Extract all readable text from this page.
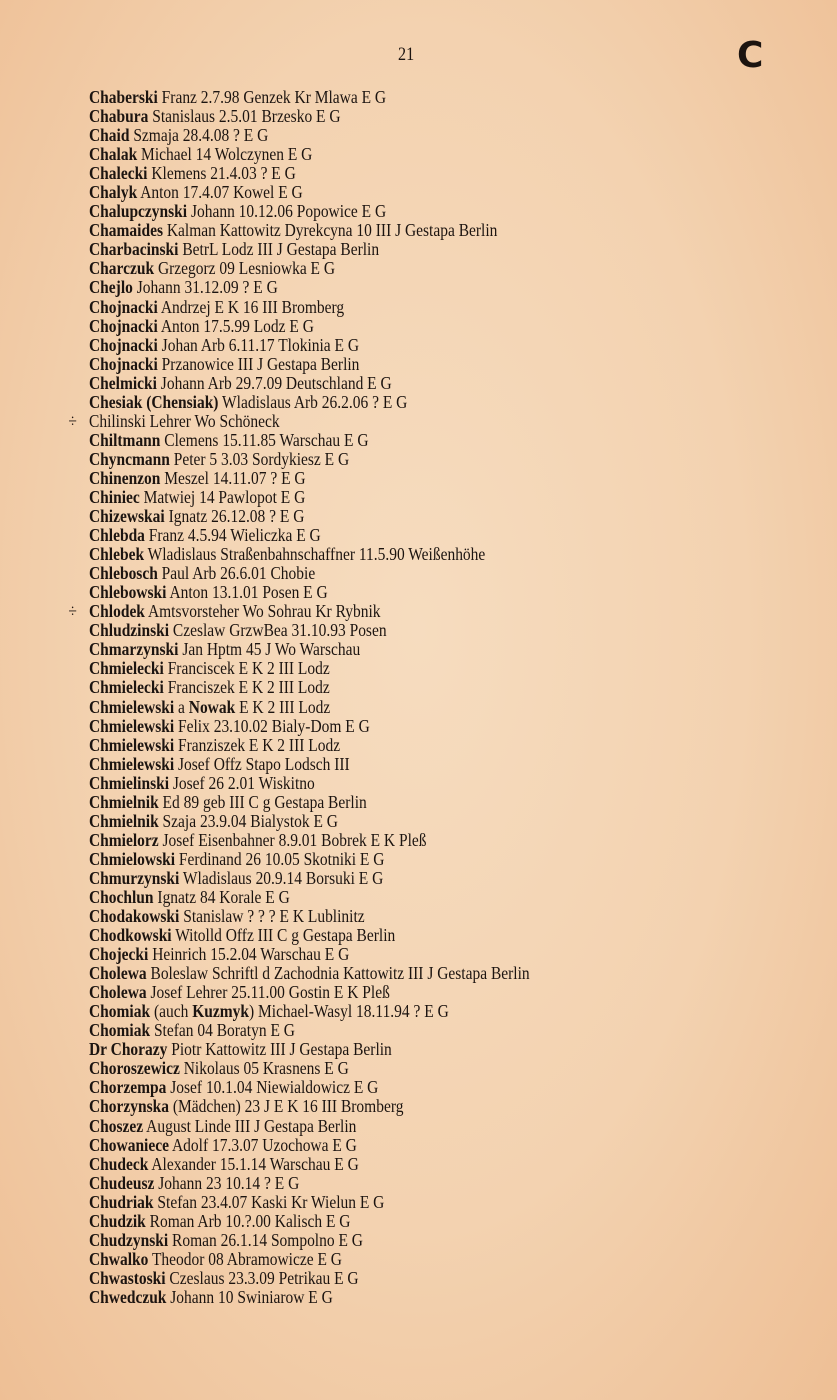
21	C
Chaberski Franz 2.7.98 Genzek Kr Mlawa E G
Chabura Stanislaus 2.5.01 Brzesko E G
Chaid Szmaja 28.4.08 ? E G
Chalak Michael 14 Wolczynen E G
Chalecki Klemens 21.4.03 ? E G
Chalyk Anton 17.4.07 Kowel E G
Chalupczynski Johann 10.12.06 Popowice E G
Chamaides Kalman Kattowitz Dyrekcyna 10 III J Gestapa Berlin
Charbacinski BetrL Lodz III J Gestapa Berlin
Charczuk Grzegorz 09 Lesniowka E G
Chejlo Johann 31.12.09 ? E G
Chojnacki Andrzej E K 16 III Bromberg
Chojnacki Anton 17.5.99 Lodz E G
Chojnacki Johan Arb 6.11.17 Tlokinia E G
Chojnacki Przanowice III J Gestapa Berlin
Chelmicki Johann Arb 29.7.09 Deutschland E G
Chesiak (Chensiak) Wladislaus Arb 26.2.06 ? E G
÷ Chilinski Lehrer Wo Schöneck
Chiltmann Clemens 15.11.85 Warschau E G
Chyncmann Peter 5 3.03 Sordykiesz E G
Chinenzon Meszel 14.11.07 ? E G
Chiniec Matwiej 14 Pawlopot E G
Chizewskai Ignatz 26.12.08 ? E G
Chlebda Franz 4.5.94 Wieliczka E G
Chlebek Wladislaus Straßenbahnschaffner 11.5.90 Weißenhöhe
Chlebosch Paul Arb 26.6.01 Chobie
Chlebowski Anton 13.1.01 Posen E G
÷ Chlodek Amtsvorsteher Wo Sohrau Kr Rybnik
Chludzinski Czeslaw GrzwBea 31.10.93 Posen
Chmarzynski Jan Hptm 45 J Wo Warschau
Chmielecki Franciscek E K 2 III Lodz
Chmielecki Franciszek E K 2 III Lodz
Chmielewski a Nowak E K 2 III Lodz
Chmielewski Felix 23.10.02 Bialy-Dom E G
Chmielewski Franziszek E K 2 III Lodz
Chmielewski Josef Offz Stapo Lodsch III
Chmielinski Josef 26 2.01 Wiskitno
Chmielnik Ed 89 geb III C g Gestapa Berlin
Chmielnik Szaja 23.9.04 Bialystok E G
Chmielorz Josef Eisenbahner 8.9.01 Bobrek E K Pleß
Chmielowski Ferdinand 26 10.05 Skotniki E G
Chmurzynski Wladislaus 20.9.14 Borsuki E G
Chochlun Ignatz 84 Korale E G
Chodakowski Stanislaw ? ? ? E K Lublinitz
Chodkowski Witolld Offz III C g Gestapa Berlin
Chojecki Heinrich 15.2.04 Warschau E G
Cholewa Boleslaw Schriftl d Zachodnia Kattowitz III J Gestapa Berlin
Cholewa Josef Lehrer 25.11.00 Gostin E K Pleß
Chomiak (auch Kuzmyk) Michael-Wasyl 18.11.94 ? E G
Chomiak Stefan 04 Boratyn E G
Dr Chorazy Piotr Kattowitz III J Gestapa Berlin
Choroszewicz Nikolaus 05 Krasnens E G
Chorzempa Josef 10.1.04 Niewialdowicz E G
Chorzynska (Mädchen) 23 J E K 16 III Bromberg
Choszez August Linde III J Gestapa Berlin
Chowaniece Adolf 17.3.07 Uzochowa E G
Chudeck Alexander 15.1.14 Warschau E G
Chudeusz Johann 23 10.14 ? E G
Chudriak Stefan 23.4.07 Kaski Kr Wielun E G
Chudzik Roman Arb 10.?.00 Kalisch E G
Chudzynski Roman 26.1.14 Sompolno E G
Chwalko Theodor 08 Abramowicze E G
Chwastoski Czeslaus 23.3.09 Petrikau E G
Chwedczuk Johann 10 Swiniarow E G
